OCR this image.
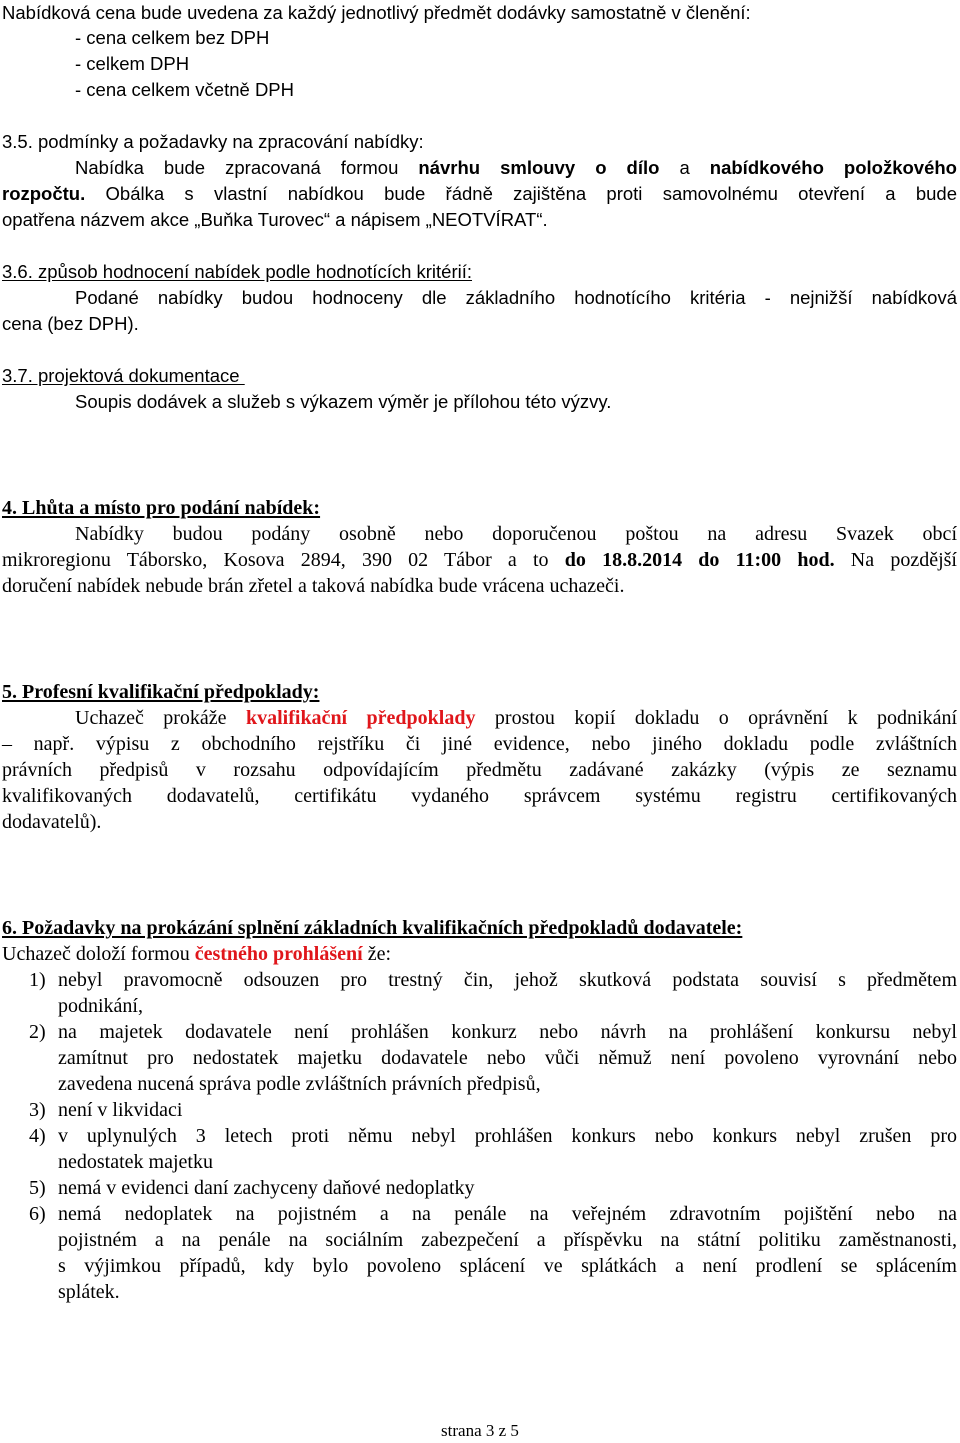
Nabídková cena bude uvedena za každý jednotlivý předmět dodávky samostatně v členění:
- cena celkem bez DPH
- celkem DPH
- cena celkem včetně DPH
3.5. podmínky a požadavky na zpracování nabídky:
Nabídka bude zpracovaná formou návrhu smlouvy o dílo a nabídkového položkového
rozpočtu. Obálka s vlastní nabídkou bude řádně zajištěna proti samovolnému otevření a bude
opatřena názvem akce „Buňka Turovec“ a nápisem „NEOTVÍRAT“.
3.6. způsob hodnocení nabídek podle hodnotících kritérií:
Podané nabídky budou hodnoceny dle základního hodnotícího kritéria - nejnižší nabídková
cena (bez DPH).
3.7. projektová dokumentace
Soupis dodávek a služeb s výkazem výměr je přílohou této výzvy.
4. Lhůta a místo pro podání nabídek:
Nabídky budou podány osobně nebo doporučenou poštou na adresu Svazek obcí
mikroregionu Táborsko, Kosova 2894, 390 02 Tábor a to do 18.8.2014 do 11:00 hod. Na pozdější
doručení nabídek nebude brán zřetel a taková nabídka bude vrácena uchazeči.
5. Profesní kvalifikační předpoklady:
Uchazeč prokáže kvalifikační předpoklady prostou kopií dokladu o oprávnění k podnikání
– např. výpisu z obchodního rejstříku či jiné evidence, nebo jiného dokladu podle zvláštních
právních předpisů v rozsahu odpovídajícím předmětu zadávané zakázky (výpis ze seznamu
kvalifikovaných dodavatelů, certifikátu vydaného správcem systému registru certifikovaných
dodavatelů).
6. Požadavky na prokázání splnění základních kvalifikačních předpokladů dodavatele:
Uchazeč doloží formou čestného prohlášení že:
1) nebyl pravomocně odsouzen pro trestný čin, jehož skutková podstata souvisí s předmětem
podnikání,
2) na majetek dodavatele není prohlášen konkurz nebo návrh na prohlášení konkursu nebyl
zamítnut pro nedostatek majetku dodavatele nebo vůči němuž není povoleno vyrovnání nebo
zavedena nucená správa podle zvláštních právních předpisů,
3) není v likvidaci
4) v uplynulých 3 letech proti němu nebyl prohlášen konkurs nebo konkurs nebyl zrušen pro
nedostatek majetku
5) nemá v evidenci daní zachyceny daňové nedoplatky
6) nemá nedoplatek na pojistném a na penále na veřejném zdravotním pojištění nebo na
pojistném a na penále na sociálním zabezpečení a příspěvku na státní politiku zaměstnanosti,
s výjimkou případů, kdy bylo povoleno splácení ve splátkách a není prodlení se splácením
splátek.
strana 3 z 5
